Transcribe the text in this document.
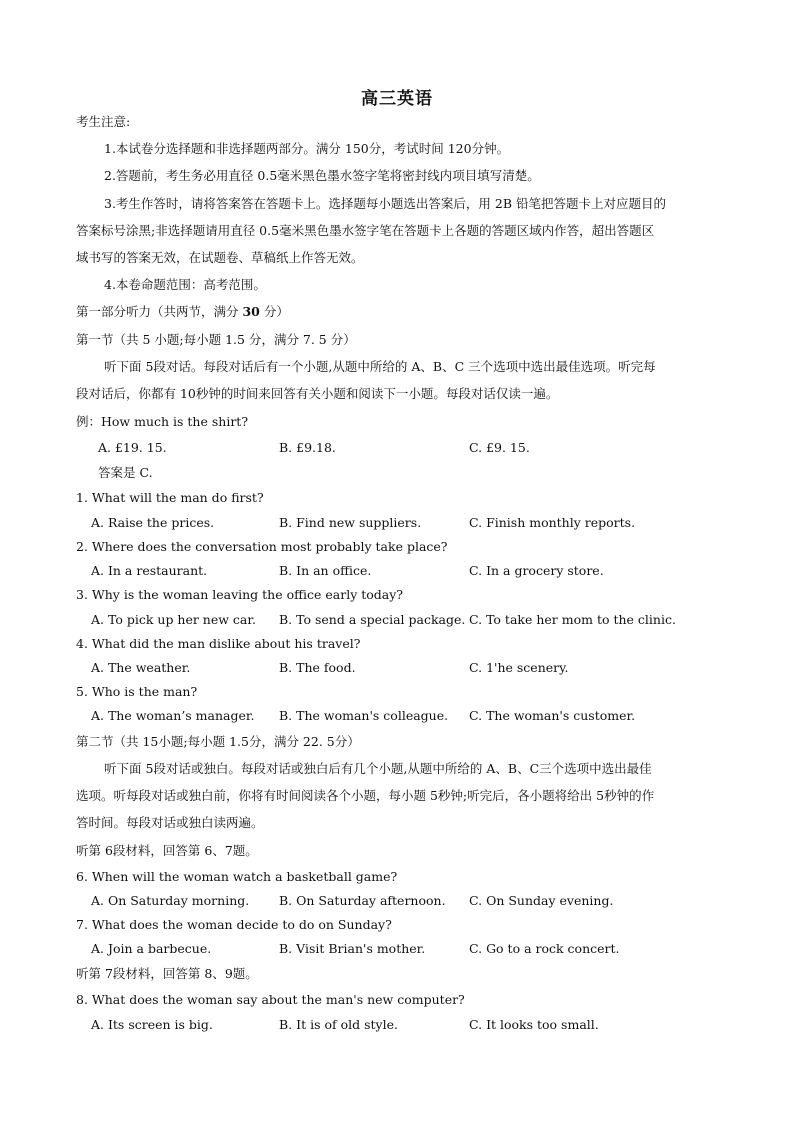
高三英语
考生注意:
1.本试卷分选择题和非选择题两部分。满分 150分，考试时间 120分钟。
2.答题前，考生务必用直径 0.5毫米黑色墨水签字笔将密封线内项目填写清楚。
3.考生作答时，请将答案答在答题卡上。选择题每小题选出答案后，用 2B 铅笔把答题卡上对应题目的
答案标号涂黑;非选择题请用直径 0.5毫米黑色墨水签字笔在答题卡上各题的答题区域内作答，超出答题区
域书写的答案无效，在试题卷、草稿纸上作答无效。
4.本卷命题范围：高考范围。
第一部分听力（共两节，满分 30 分）
第一节（共 5 小题;每小题 1.5 分，满分 7. 5 分）
听下面 5段对话。每段对话后有一个小题,从题中所给的 A、B、C 三个选项中选出最佳选项。听完每
段对话后，你都有 10秒钟的时间来回答有关小题和阅读下一小题。每段对话仅读一遍。
例：How much is the shirt?
A. £19. 15.	B. £9.18.	C. £9. 15.
答案是 C.
1. What will the man do first?
A. Raise the prices.	B. Find new suppliers.	C. Finish monthly reports.
2. Where does the conversation most probably take place?
A. In a restaurant.	B. In an office.	C. In a grocery store.
3. Why is the woman leaving the office early today?
A. To pick up her new car. B. To send a special package. C. To take her mom to the clinic.
4. What did the man dislike about his travel?
A. The weather.	B. The food.	C. 1'he scenery.
5. Who is the man?
A. The woman’s manager. B. The woman's colleague. C. The woman's customer.
第二节（共 15小题;每小题 1.5分，满分 22. 5分）
听下面 5段对话或独白。每段对话或独白后有几个小题,从题中所给的 A、B、C三个选项中选出最佳
选项。听每段对话或独白前，你将有时间阅读各个小题，每小题 5秒钟;听完后，各小题将给出 5秒钟的作
答时间。每段对话或独白读两遍。
听第 6段材料，回答第 6、7题。
6. When will the woman watch a basketball game?
A. On Saturday morning. B. On Saturday afternoon. C. On Sunday evening.
7. What does the woman decide to do on Sunday?
A. Join a barbecue.	B. Visit Brian's mother.	C. Go to a rock concert.
听第 7段材料，回答第 8、9题。
8. What does the woman say about the man's new computer?
A. Its screen is big.	B. It is of old style.	C. It looks too small.
